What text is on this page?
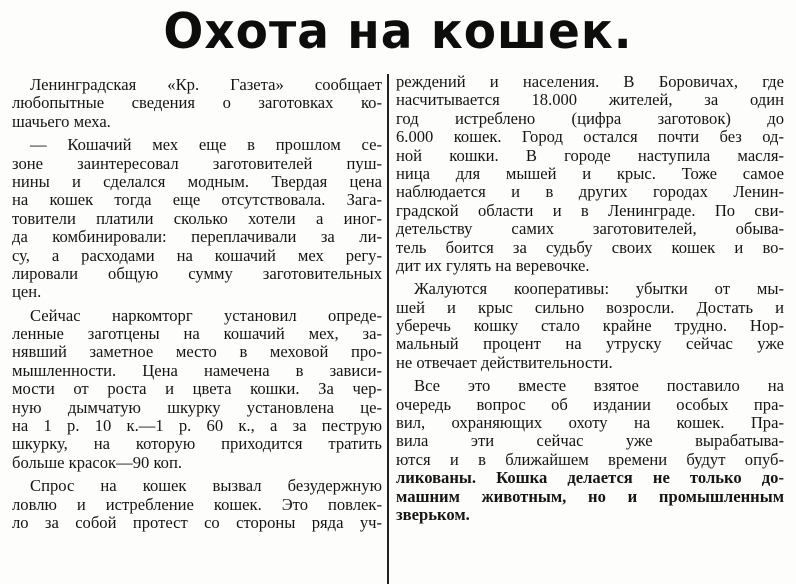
Охота на кошек.
Ленинградская «Кр. Газета» сообщает
любопытные сведения о заготовках ко-
шачьего меха.
— Кошачий мех еще в прошлом се-
зоне заинтересовал заготовителей пуш-
нины и сделался модным. Твердая цена
на кошек тогда еще отсутствовала. Зага-
товители платили сколько хотели а иног-
да комбинировали: переплачивали за ли-
су, а расходами на кошачий мех регу-
лировали общую сумму заготовительных
цен.
Сейчас наркомторг установил опреде-
ленные заготцены на кошачий мех, за-
нявший заметное место в меховой про-
мышленности. Цена намечена в зависи-
мости от роста и цвета кошки. За чер-
ную дымчатую шкурку установлена це-
на 1 р. 10 к.—1 р. 60 к., а за пеструю
шкурку, на которую приходится тратить
больше красок—90 коп.
Спрос на кошек вызвал безудержную
ловлю и истребление кошек. Это повлек-
ло за собой протест со стороны ряда уч-
реждений и населения. В Боровичах, где
насчитывается 18.000 жителей, за один
год истреблено (цифра заготовок) до
6.000 кошек. Город остался почти без од-
ной кошки. В городе наступила масля-
ница для мышей и крыс. Тоже самое
наблюдается и в других городах Ленин-
градской области и в Ленинграде. По сви-
детельству самих заготовителей, обыва-
тель боится за судьбу своих кошек и во-
дит их гулять на веревочке.
Жалуются кооперативы: убытки от мы-
шей и крыс сильно возросли. Достать и
уберечь кошку стало крайне трудно. Нор-
мальный процент на утруску сейчас уже
не отвечает действительности.
Все это вместе взятое поставило на
очередь вопрос об издании особых пра-
вил, охраняющих охоту на кошек. Пра-
вила эти сейчас уже вырабатыва-
ются и в ближайшем времени будут опуб-
ликованы. Кошка делается не только до-
машним животным, но и промышленным
зверьком.
